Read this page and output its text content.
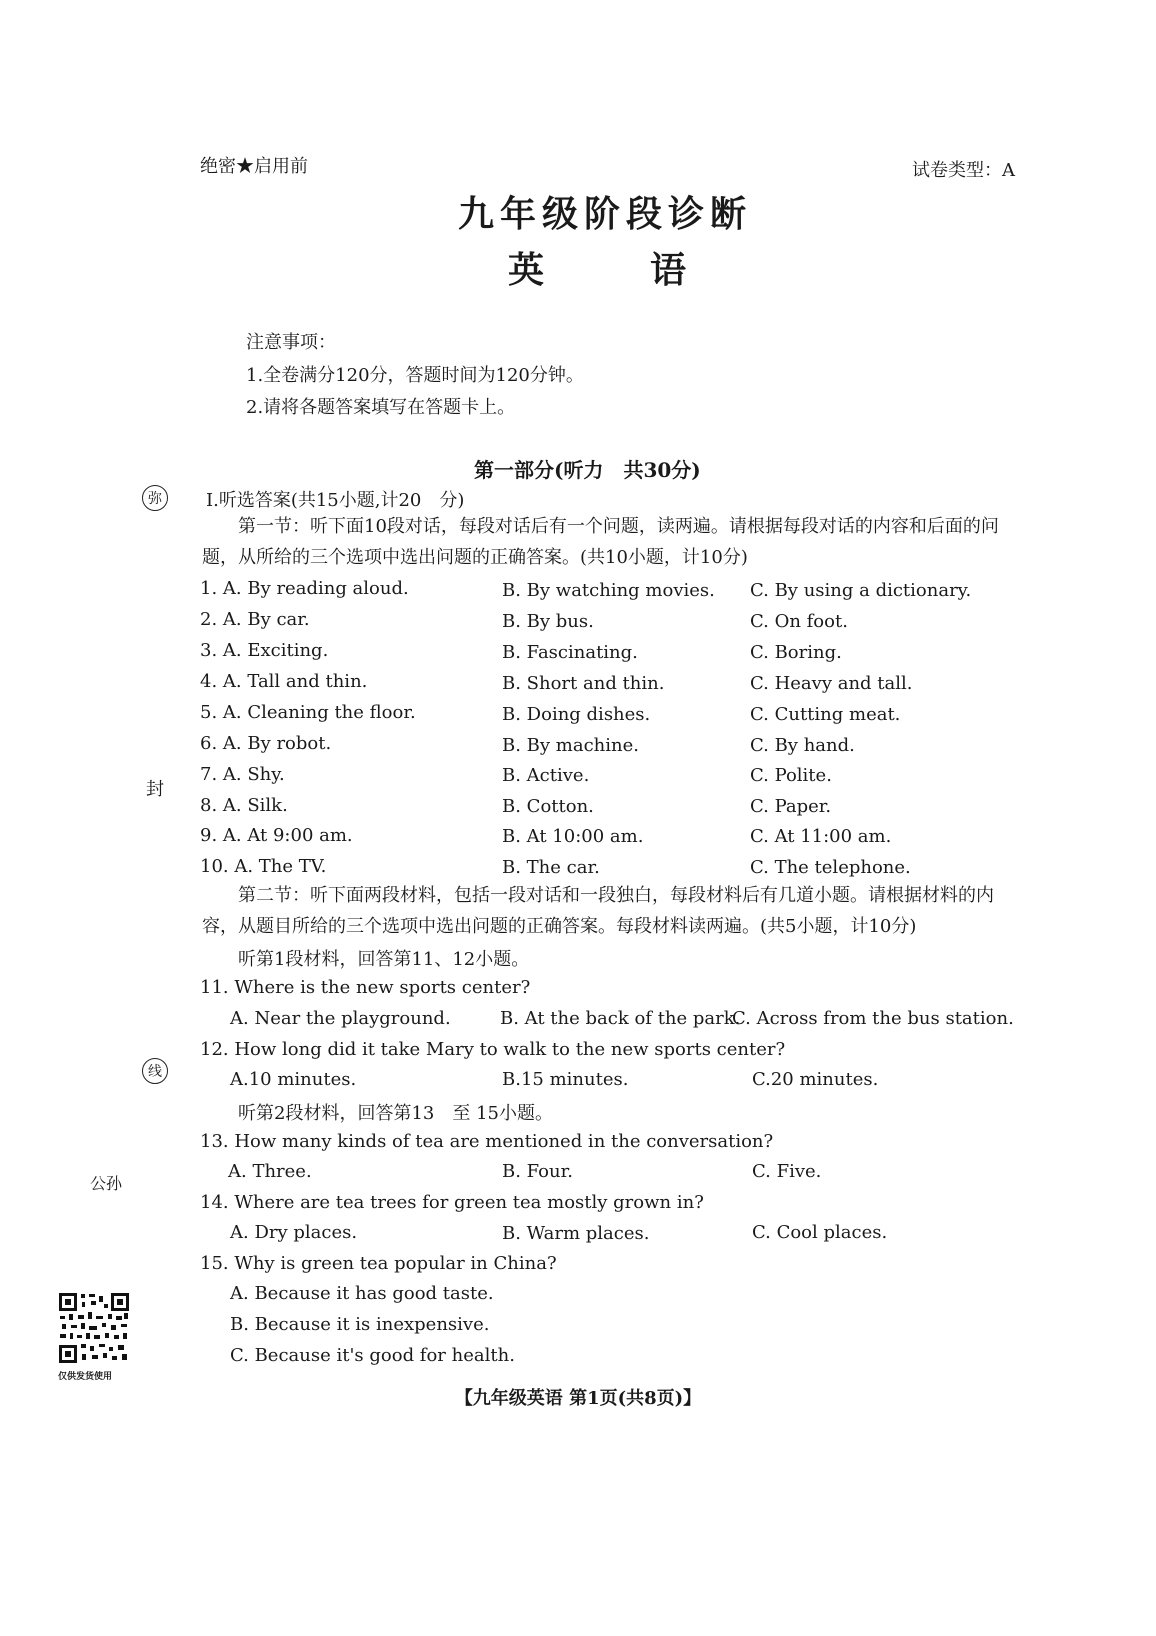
绝密★启用前	试卷类型：A
九年级阶段诊断
英	语
注意事项：
1.全卷满分120分，答题时间为120分钟。
2.请将各题答案填写在答题卡上。
第一部分(听力　共30分)
Ⅰ.听选答案(共15小题,计20　分)
第一节：听下面10段对话，每段对话后有一个问题，读两遍。请根据每段对话的内容和后面的问题，从所给的三个选项中选出问题的正确答案。(共10小题，计10分)
1. A. By reading aloud.	B. By watching movies. C. By using a dictionary.
2. A. By car.	B. By bus.	C. On foot.
3. A. Exciting.	B. Fascinating.	C. Boring.
4. A. Tall and thin.	B. Short and thin.	C. Heavy and tall.
5. A. Cleaning the floor.	B. Doing dishes.	C. Cutting meat.
6. A. By robot.	B. By machine.	C. By hand.
7. A. Shy.	B. Active.	C. Polite.
8. A. Silk.	B. Cotton.	C. Paper.
9. A. At 9:00 am.	B. At 10:00 am.	C. At 11:00 am.
10. A. The TV.	B. The car.	C. The telephone.
第二节：听下面两段材料，包括一段对话和一段独白，每段材料后有几道小题。请根据材料的内容，从题目所给的三个选项中选出问题的正确答案。每段材料读两遍。(共5小题，计10分)
听第1段材料，回答第11、12小题。
11. Where is the new sports center?
A. Near the playground.	B. At the back of the park.
C. Across from the bus station.
12. How long did it take Mary to walk to the new sports center?
A.10 minutes.	B.15 minutes.	C.20 minutes.
听第2段材料，回答第13　至 15小题。
13. How many kinds of tea are mentioned in the conversation?
A. Three.	B. Four.	C. Five.
14. Where are tea trees for green tea mostly grown in?
A. Dry places.	B. Warm places.	C. Cool places.
15. Why is green tea popular in China?
A. Because it has good taste.
B. Because it is inexpensive.
C. Because it's good for health.
【九年级英语 第1页(共8页)】
弥
封
线
公孙
仅供发货使用
